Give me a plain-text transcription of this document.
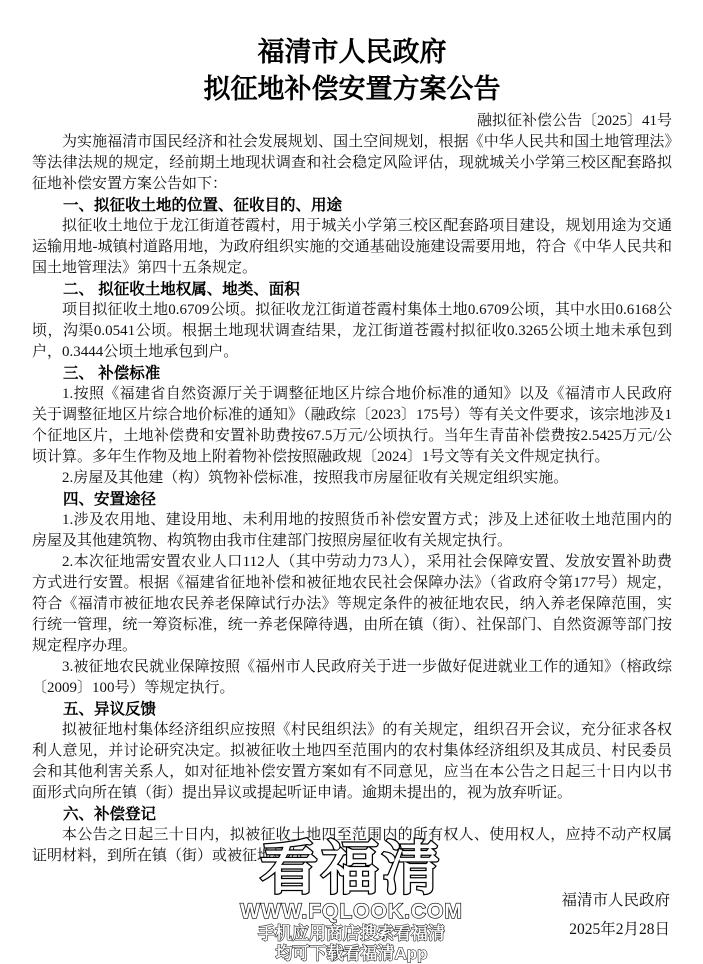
福清市人民政府
拟征地补偿安置方案公告
融拟征补偿公告〔2025〕41号

为实施福清市国民经济和社会发展规划、国土空间规划，根据《中华人民共和国土地管理法》等法律法规的规定，经前期土地现状调查和社会稳定风险评估，现就城关小学第三校区配套路拟征地补偿安置方案公告如下：

一、拟征收土地的位置、征收目的、用途

拟征收土地位于龙江街道苍霞村，用于城关小学第三校区配套路项目建设，规划用途为交通运输用地-城镇村道路用地，为政府组织实施的交通基础设施建设需要用地，符合《中华人民共和国土地管理法》第四十五条规定。

二、 拟征收土地权属、地类、面积

项目拟征收土地0.6709公顷。拟征收龙江街道苍霞村集体土地0.6709公顷，其中水田0.6168公顷，沟渠0.0541公顷。根据土地现状调查结果，龙江街道苍霞村拟征收0.3265公顷土地未承包到户，0.3444公顷土地承包到户。

三、 补偿标准

1.按照《福建省自然资源厅关于调整征地区片综合地价标准的通知》以及《福清市人民政府关于调整征地区片综合地价标准的通知》（融政综〔2023〕175号）等有关文件要求，该宗地涉及1个征地区片，土地补偿费和安置补助费按67.5万元/公顷执行。当年生青苗补偿费按2.5425万元/公顷计算。多年生作物及地上附着物补偿按照融政规〔2024〕1号文等有关文件规定执行。

2.房屋及其他建（构）筑物补偿标准，按照我市房屋征收有关规定组织实施。

四、安置途径

1.涉及农用地、建设用地、未利用地的按照货币补偿安置方式；涉及上述征收土地范围内的房屋及其他建筑物、构筑物由我市住建部门按照房屋征收有关规定执行。

2.本次征地需安置农业人口112人（其中劳动力73人），采用社会保障安置、发放安置补助费方式进行安置。根据《福建省征地补偿和被征地农民社会保障办法》（省政府令第177号）规定，符合《福清市被征地农民养老保障试行办法》等规定条件的被征地农民，纳入养老保障范围，实行统一管理，统一筹资标准，统一养老保障待遇，由所在镇（街）、社保部门、自然资源等部门按规定程序办理。

3.被征地农民就业保障按照《福州市人民政府关于进一步做好促进就业工作的通知》（榕政综〔2009〕100号）等规定执行。

五、异议反馈

拟被征地村集体经济组织应按照《村民组织法》的有关规定，组织召开会议，充分征求各权利人意见，并讨论研究决定。拟被征收土地四至范围内的农村集体经济组织及其成员、村民委员会和其他利害关系人，如对征地补偿安置方案如有不同意见，应当在本公告之日起三十日内以书面形式向所在镇（街）提出异议或提起听证申请。逾期未提出的，视为放弃听证。

六、补偿登记

本公告之日起三十日内，拟被征收土地四至范围内的所有权人、使用权人，应持不动产权属证明材料，到所在镇（街）或被征地村办

看福清
WWW.FQLOOK.COM
手机应用商店搜索看福清
均可下载看福清App
福清市人民政府
2025年2月28日
